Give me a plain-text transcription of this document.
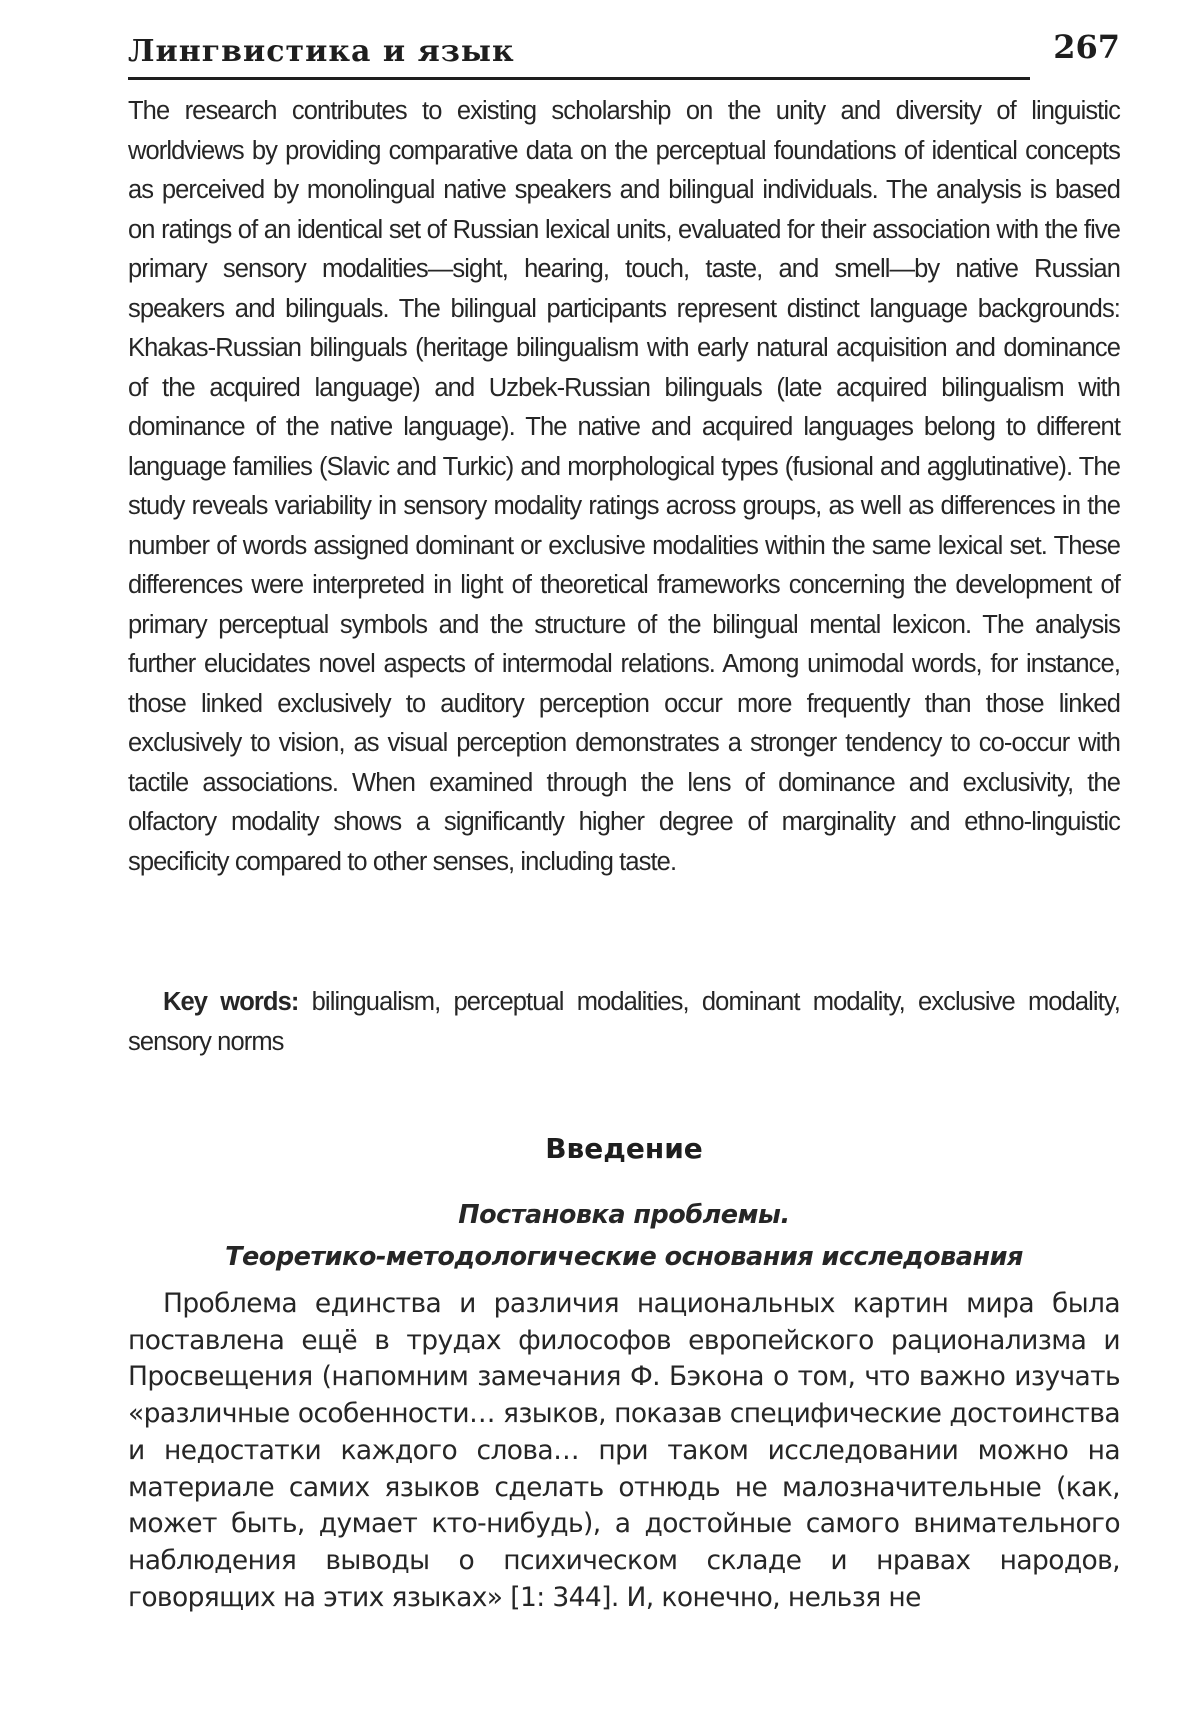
Лингвистика и язык	267

The research contributes to existing scholarship on the unity and diversity of linguistic worldviews by providing comparative data on the perceptual foundations of identical concepts as perceived by monolingual native speakers and bilingual individuals. The analysis is based on ratings of an identical set of Russian lexical units, evaluated for their association with the five primary sensory modalities—sight, hearing, touch, taste, and smell—by native Russian speakers and bilinguals. The bilingual participants represent distinct language backgrounds: Khakas-Russian bilinguals (heritage bilingualism with early natural acquisition and dominance of the acquired language) and Uzbek-Russian bilinguals (late acquired bilingualism with dominance of the native language). The native and acquired languages belong to different language families (Slavic and Turkic) and morphological types (fusional and agglutinative). The study reveals variability in sensory modality ratings across groups, as well as differences in the number of words assigned dominant or exclusive modalities within the same lexical set. These differences were interpreted in light of theoretical frameworks concerning the development of primary perceptual symbols and the structure of the bilingual mental lexicon. The analysis further elucidates novel aspects of intermodal relations. Among unimodal words, for instance, those linked exclusively to auditory perception occur more frequently than those linked exclusively to vision, as visual perception demonstrates a stronger tendency to co-occur with tactile associations. When examined through the lens of dominance and exclusivity, the olfactory modality shows a significantly higher degree of marginality and ethno-linguistic specificity compared to other senses, including taste.

Key words: bilingualism, perceptual modalities, dominant modality, exclusive modality, sensory norms

Введение
Постановка проблемы.
Теоретико-методологические основания исследования

Проблема единства и различия национальных картин мира была поставлена ещё в трудах философов европейского рационализма и Просвещения (напомним замечания Ф. Бэкона о том, что важно изучать «различные особенности… языков, показав специфические достоинства и недостатки каждого слова… при таком исследовании можно на материале самих языков сделать отнюдь не малозначительные (как, может быть, думает кто-нибудь), а достойные самого внимательного наблюдения выводы о психическом складе и нравах народов, говорящих на этих языках» [1: 344]. И, конечно, нельзя не
